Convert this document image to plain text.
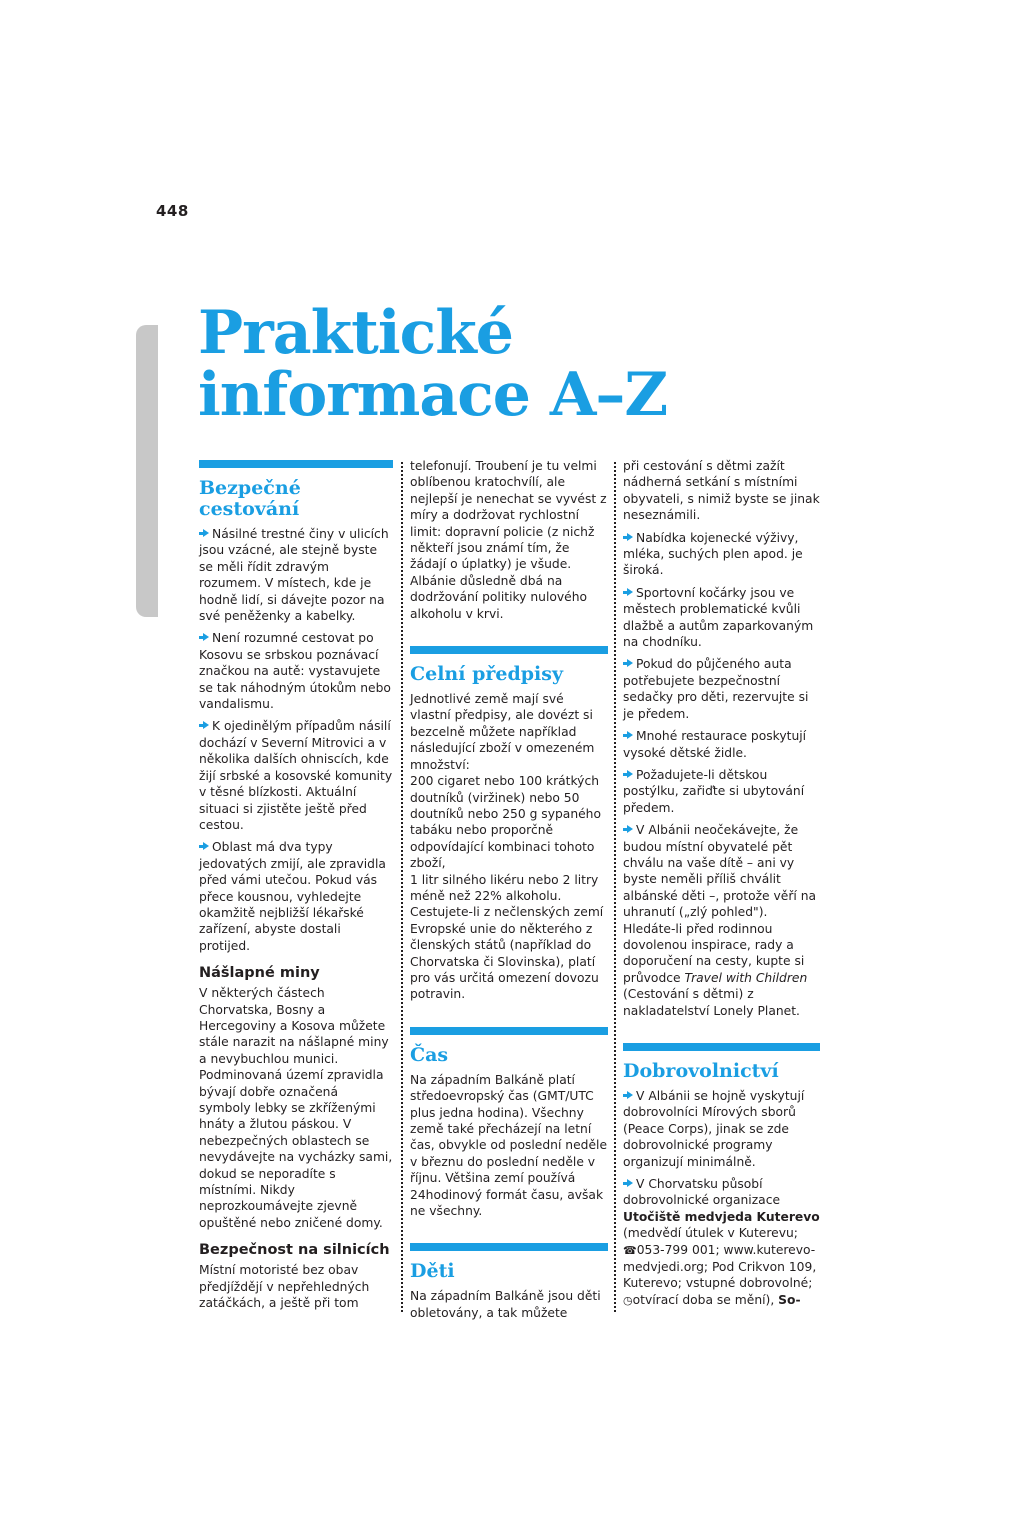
448
Praktické
informace A–Z
Bezpečné cestování

Násilné trestné činy v ulicích jsou vzácné, ale stejně byste se měli řídit zdravým rozumem. V místech, kde je hodně lidí, si dávejte pozor na své peněženky a kabelky.

Není rozumné cestovat po Kosovu se srbskou poznávací značkou na autě: vystavujete se tak náhodným útokům nebo vandalismu.

K ojedinělým případům násilí dochází v Severní Mitrovici a v několika dalších ohniscích, kde žijí srbské a kosovské komunity v těsné blízkosti. Aktuální situaci si zjistěte ještě před cestou.

Oblast má dva typy jedovatých zmijí, ale zpravidla před vámi utečou. Pokud vás přece kousnou, vyhledejte okamžitě nejbližší lékařské zařízení, abyste dostali protijed.

Nášlapné miny

V některých částech Chorvatska, Bosny a Hercegoviny a Kosova můžete stále narazit na nášlapné miny a nevybuchlou munici. Podminovaná území zpravidla bývají dobře označená symboly lebky se zkříženými hnáty a žlutou páskou. V nebezpečných oblastech se nevydávejte na vycházky sami, dokud se neporadíte s místními. Nikdy neprozkoumávejte zjevně opuštěné nebo zničené domy.

Bezpečnost na silnicích

Místní motoristé bez obav předjíždějí v nepřehledných zatáčkách, a ještě při tom

telefonují. Troubení je tu velmi oblíbenou kratochvílí, ale nejlepší je nenechat se vyvést z míry a dodržovat rychlostní limit: dopravní policie (z nichž někteří jsou známí tím, že žádají o úplatky) je všude. Albánie důsledně dbá na dodržování politiky nulového alkoholu v krvi.

Celní předpisy

Jednotlivé země mají své vlastní předpisy, ale dovézt si bezcelně můžete například následující zboží v omezeném množství:

200 cigaret nebo 100 krátkých doutníků (viržinek) nebo 50 doutníků nebo 250 g sypaného tabáku nebo proporčně odpovídající kombinaci tohoto zboží,

1 litr silného likéru nebo 2 litry méně než 22% alkoholu.

Cestujete-li z nečlenských zemí Evropské unie do některého z členských států (například do Chorvatska či Slovinska), platí pro vás určitá omezení dovozu potravin.

Čas

Na západním Balkáně platí středoevropský čas (GMT/UTC plus jedna hodina). Všechny země také přecházejí na letní čas, obvykle od poslední neděle v březnu do poslední neděle v říjnu. Většina zemí používá 24hodinový formát času, avšak ne všechny.

Děti

Na západním Balkáně jsou děti obletovány, a tak můžete

při cestování s dětmi zažít nádherná setkání s místními obyvateli, s nimiž byste se jinak neseznámili.

Nabídka kojenecké výživy, mléka, suchých plen apod. je široká.

Sportovní kočárky jsou ve městech problematické kvůli dlažbě a autům zaparkovaným na chodníku.

Pokud do půjčeného auta potřebujete bezpečnostní sedačky pro děti, rezervujte si je předem.

Mnohé restaurace poskytují vysoké dětské židle.

Požadujete-li dětskou postýlku, zařiďte si ubytování předem.

V Albánii neočekávejte, že budou místní obyvatelé pět chválu na vaše dítě – ani vy byste neměli příliš chválit albánské děti –, protože věří na uhranutí („zlý pohled"). Hledáte-li před rodinnou dovolenou inspirace, rady a doporučení na cesty, kupte si průvodce Travel with Children (Cestování s dětmi) z nakladatelství Lonely Planet.

Dobrovolnictví

V Albánii se hojně vyskytují dobrovolníci Mírových sborů (Peace Corps), jinak se zde dobrovolnické programy organizují minimálně.

V Chorvatsku působí dobrovolnické organizace Utočiště medvjeda Kuterevo (medvědí útulek v Kuterevu; ☎053-799 001; www.kuterevo-medvjedi.org; Pod Crikvon 109, Kuterevo; vstupné dobrovolné; ◷otvírací doba se mění), So-
